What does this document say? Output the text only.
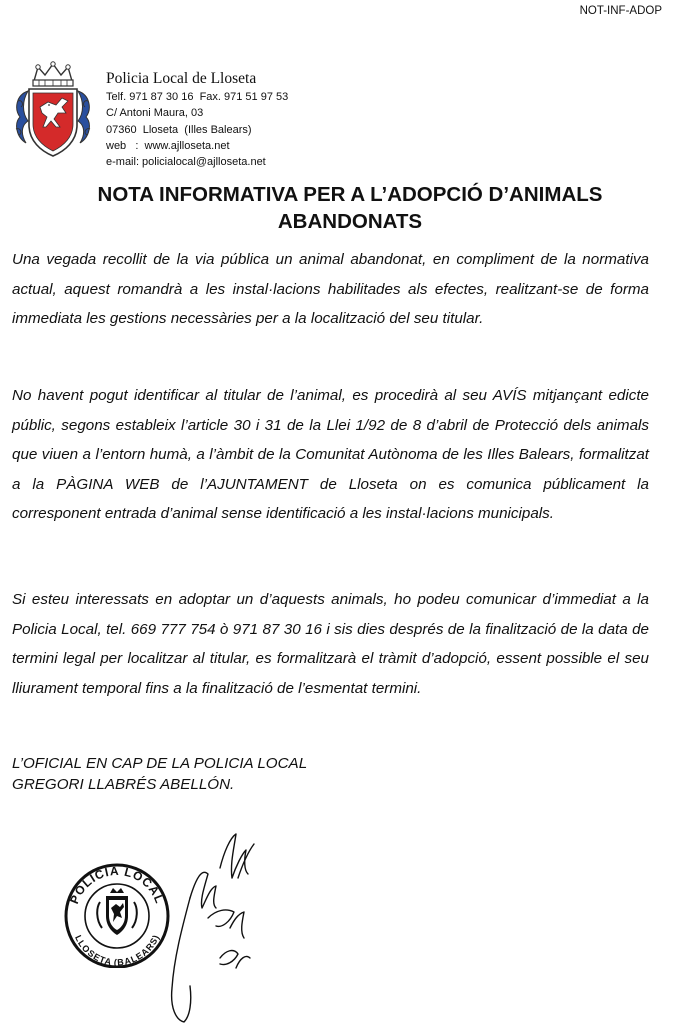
NOT-INF-ADOP
Policia Local de Lloseta
Telf. 971 87 30 16  Fax. 971 51 97 53
C/ Antoni Maura, 03
07360  Lloseta  (Illes Balears)
web   :  www.ajlloseta.net
e-mail: policialocal@ajlloseta.net
NOTA INFORMATIVA PER A L’ADOPCIÓ D’ANIMALS
ABANDONATS

Una vegada recollit de la via pública un animal abandonat, en compliment de la normativa actual, aquest romandrà a les instal·lacions habilitades als efectes, realitzant-se de forma immediata les gestions necessàries per a la localització del seu titular.

No havent pogut identificar al titular de l’animal, es procedirà al seu AVÍS mitjançant edicte públic, segons estableix l’article 30 i 31 de la Llei 1/92 de 8 d’abril de Protecció dels animals que viuen a l’entorn humà, a l’àmbit de la Comunitat Autònoma de les Illes Balears, formalitzat a la PÀGINA WEB de l’AJUNTAMENT de Lloseta on es comunica públicament la corresponent entrada d’animal sense identificació a les instal·lacions municipals.

Si esteu interessats en adoptar un d’aquests animals, ho podeu comunicar d’immediat a la Policia Local, tel. 669 777 754 ò 971 87 30 16 i sis dies després de la finalització de la data de termini legal per localitzar al titular, es formalitzarà el tràmit d’adopció, essent possible el seu lliurament temporal fins a la finalització de l’esmentat termini.

L’OFICIAL EN CAP DE LA POLICIA LOCAL
GREGORI LLABRÉS ABELLÓN.
POLICIA LOCAL
LLOSETA (BALEARS)
